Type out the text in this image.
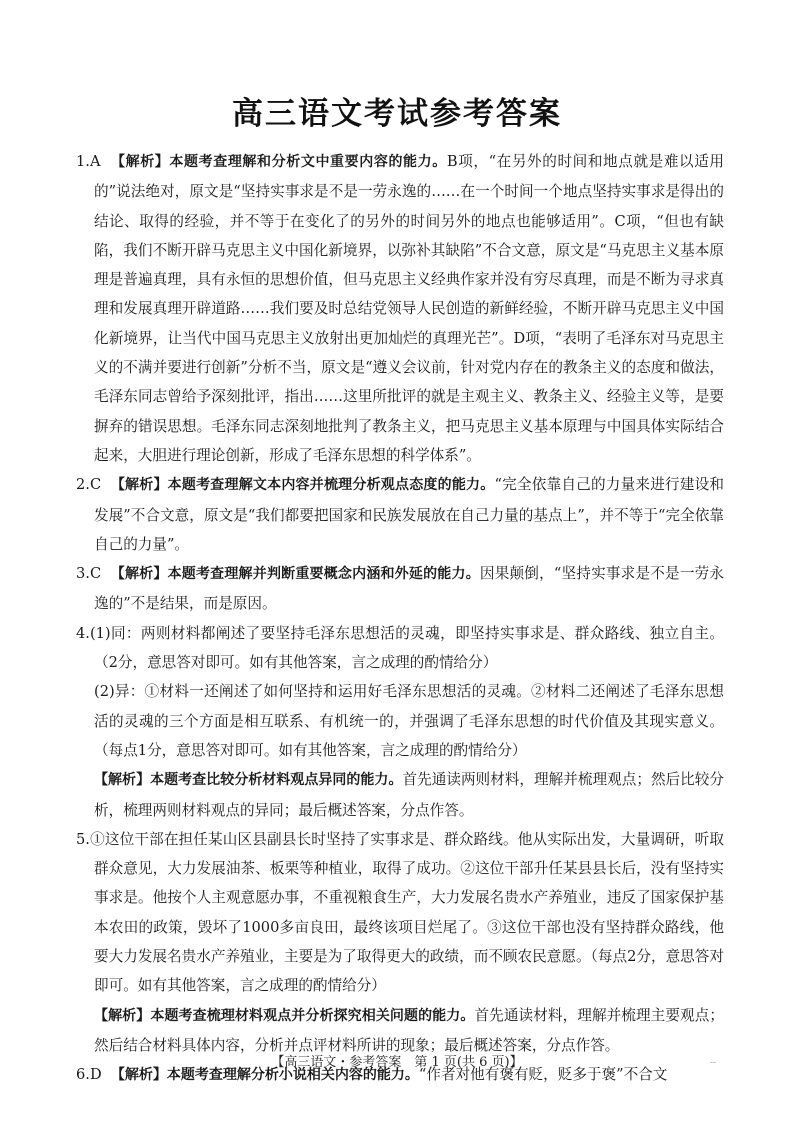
高三语文考试参考答案

1.A 【解析】本题考查理解和分析文中重要内容的能力。B项，“在另外的时间和地点就是难以适用的”说法绝对，原文是“坚持实事求是不是一劳永逸的……在一个时间一个地点坚持实事求是得出的结论、取得的经验，并不等于在变化了的另外的时间另外的地点也能够适用”。C项，“但也有缺陷，我们不断开辟马克思主义中国化新境界，以弥补其缺陷”不合文意，原文是“马克思主义基本原理是普遍真理，具有永恒的思想价值，但马克思主义经典作家并没有穷尽真理，而是不断为寻求真理和发展真理开辟道路……我们要及时总结党领导人民创造的新鲜经验，不断开辟马克思主义中国化新境界，让当代中国马克思主义放射出更加灿烂的真理光芒”。D项，“表明了毛泽东对马克思主义的不满并要进行创新”分析不当，原文是“遵义会议前，针对党内存在的教条主义的态度和做法，毛泽东同志曾给予深刻批评，指出……这里所批评的就是主观主义、教条主义、经验主义等，是要摒弃的错误思想。毛泽东同志深刻地批判了教条主义，把马克思主义基本原理与中国具体实际结合起来，大胆进行理论创新，形成了毛泽东思想的科学体系”。

2.C 【解析】本题考查理解文本内容并梳理分析观点态度的能力。“完全依靠自己的力量来进行建设和发展”不合文意，原文是“我们都要把国家和民族发展放在自己力量的基点上”，并不等于“完全依靠自己的力量”。

3.C 【解析】本题考查理解并判断重要概念内涵和外延的能力。因果颠倒，“坚持实事求是不是一劳永逸的”不是结果，而是原因。

4.(1)同：两则材料都阐述了要坚持毛泽东思想活的灵魂，即坚持实事求是、群众路线、独立自主。（2分，意思答对即可。如有其他答案，言之成理的酌情给分）

(2)异：①材料一还阐述了如何坚持和运用好毛泽东思想活的灵魂。②材料二还阐述了毛泽东思想活的灵魂的三个方面是相互联系、有机统一的，并强调了毛泽东思想的时代价值及其现实意义。（每点1分，意思答对即可。如有其他答案，言之成理的酌情给分）

【解析】本题考查比较分析材料观点异同的能力。首先通读两则材料，理解并梳理观点；然后比较分析，梳理两则材料观点的异同；最后概述答案，分点作答。

5.①这位干部在担任某山区县副县长时坚持了实事求是、群众路线。他从实际出发，大量调研，听取群众意见，大力发展油茶、板栗等种植业，取得了成功。②这位干部升任某县县长后，没有坚持实事求是。他按个人主观意愿办事，不重视粮食生产，大力发展名贵水产养殖业，违反了国家保护基本农田的政策，毁坏了1000多亩良田，最终该项目烂尾了。③这位干部也没有坚持群众路线，他要大力发展名贵水产养殖业，主要是为了取得更大的政绩，而不顾农民意愿。（每点2分，意思答对即可。如有其他答案，言之成理的酌情给分）

【解析】本题考查梳理材料观点并分析探究相关问题的能力。首先通读材料，理解并梳理主要观点；然后结合材料具体内容，分析并点评材料所讲的现象；最后概述答案，分点作答。

6.D 【解析】本题考查理解分析小说相关内容的能力。“作者对他有褒有贬，贬多于褒”不合文

【高三语文・参考答案　第 1 页(共 6 页)】	--
